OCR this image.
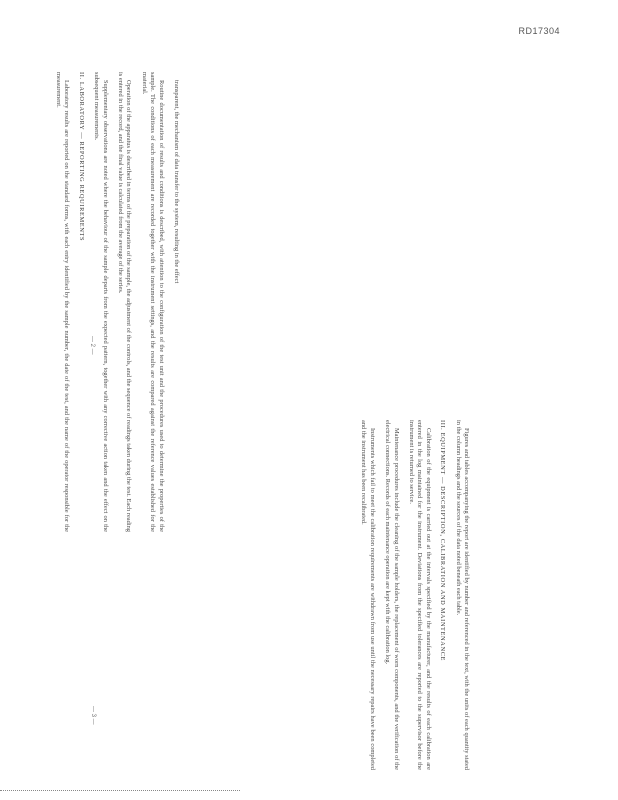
RD17304

transparent, the mechanism of data transfer to the system, resulting in the effect

Routine documentation of results and conditions is described, with attention to the configuration of the test unit and the procedures used to determine the properties of the sample. The conditions of each measurement are recorded together with the instrument settings, and the results are compared against the reference values established for the material.

Operation of the apparatus is described in terms of the preparation of the sample, the adjustment of the controls, and the sequence of readings taken during the test. Each reading is entered in the record, and the final value is calculated from the average of the series.

Supplementary observations are noted where the behaviour of the sample departs from the expected pattern, together with any corrective action taken and the effect on the subsequent measurements.

II. LABORATORY — REPORTING REQUIREMENTS

Laboratory results are reported on the standard forms, with each entry identified by the sample number, the date of the test, and the name of the operator responsible for the measurement.

Figures and tables accompanying the report are identified by number and referenced in the text, with the units of each quantity stated in the column headings and the sources of the data noted beneath each table.

III. EQUIPMENT — DESCRIPTION, CALIBRATION AND MAINTENANCE

Calibration of the equipment is carried out at the intervals specified by the manufacturer, and the results of each calibration are entered in the log maintained for the instrument. Deviations from the specified tolerances are reported to the supervisor before the instrument is returned to service.

Maintenance procedures include the cleaning of the sample holders, the replacement of worn components, and the verification of the electrical connections. Records of each maintenance operation are kept with the calibration log.

Instruments which fail to meet the calibration requirements are withdrawn from use until the necessary repairs have been completed and the instrument has been recalibrated.

— 2 —
— 3 —
